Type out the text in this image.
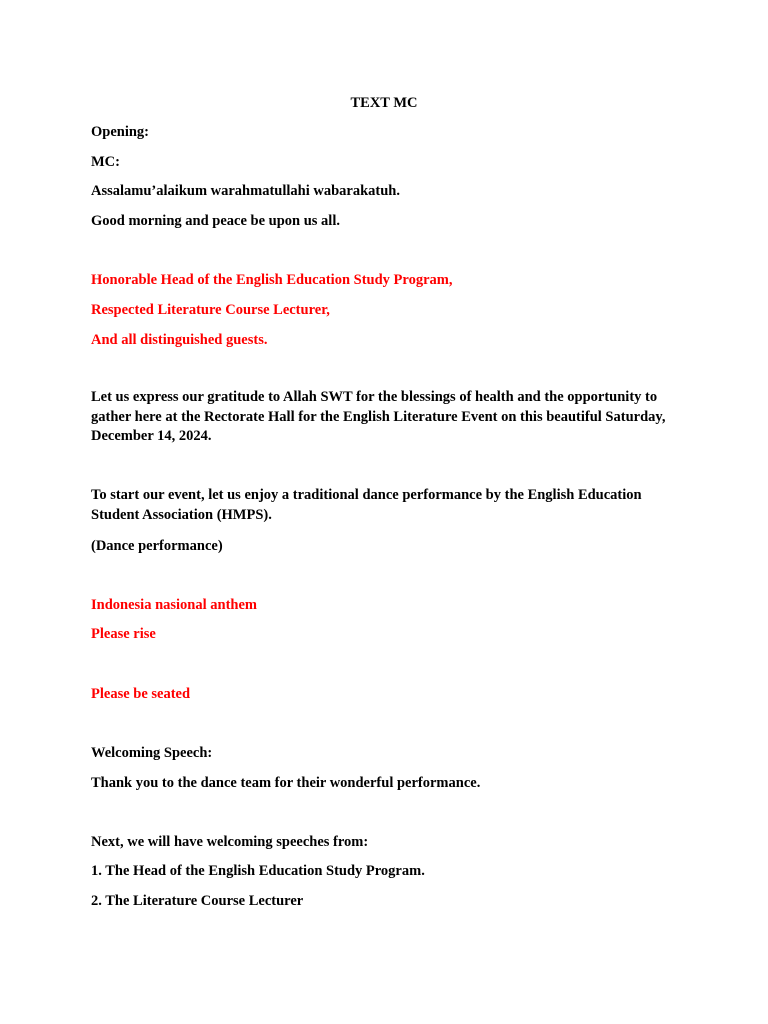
TEXT MC
Opening:
MC:
Assalamu’alaikum warahmatullahi wabarakatuh.
Good morning and peace be upon us all.
Honorable Head of the English Education Study Program,
Respected Literature Course Lecturer,
And all distinguished guests.
Let us express our gratitude to Allah SWT for the blessings of health and the opportunity to gather here at the Rectorate Hall for the English Literature Event on this beautiful Saturday, December 14, 2024.
To start our event, let us enjoy a traditional dance performance by the English Education Student Association (HMPS).
(Dance performance)
Indonesia nasional anthem
Please rise
Please be seated
Welcoming Speech:
Thank you to the dance team for their wonderful performance.
Next, we will have welcoming speeches from:
1. The Head of the English Education Study Program.
2. The Literature Course Lecturer
